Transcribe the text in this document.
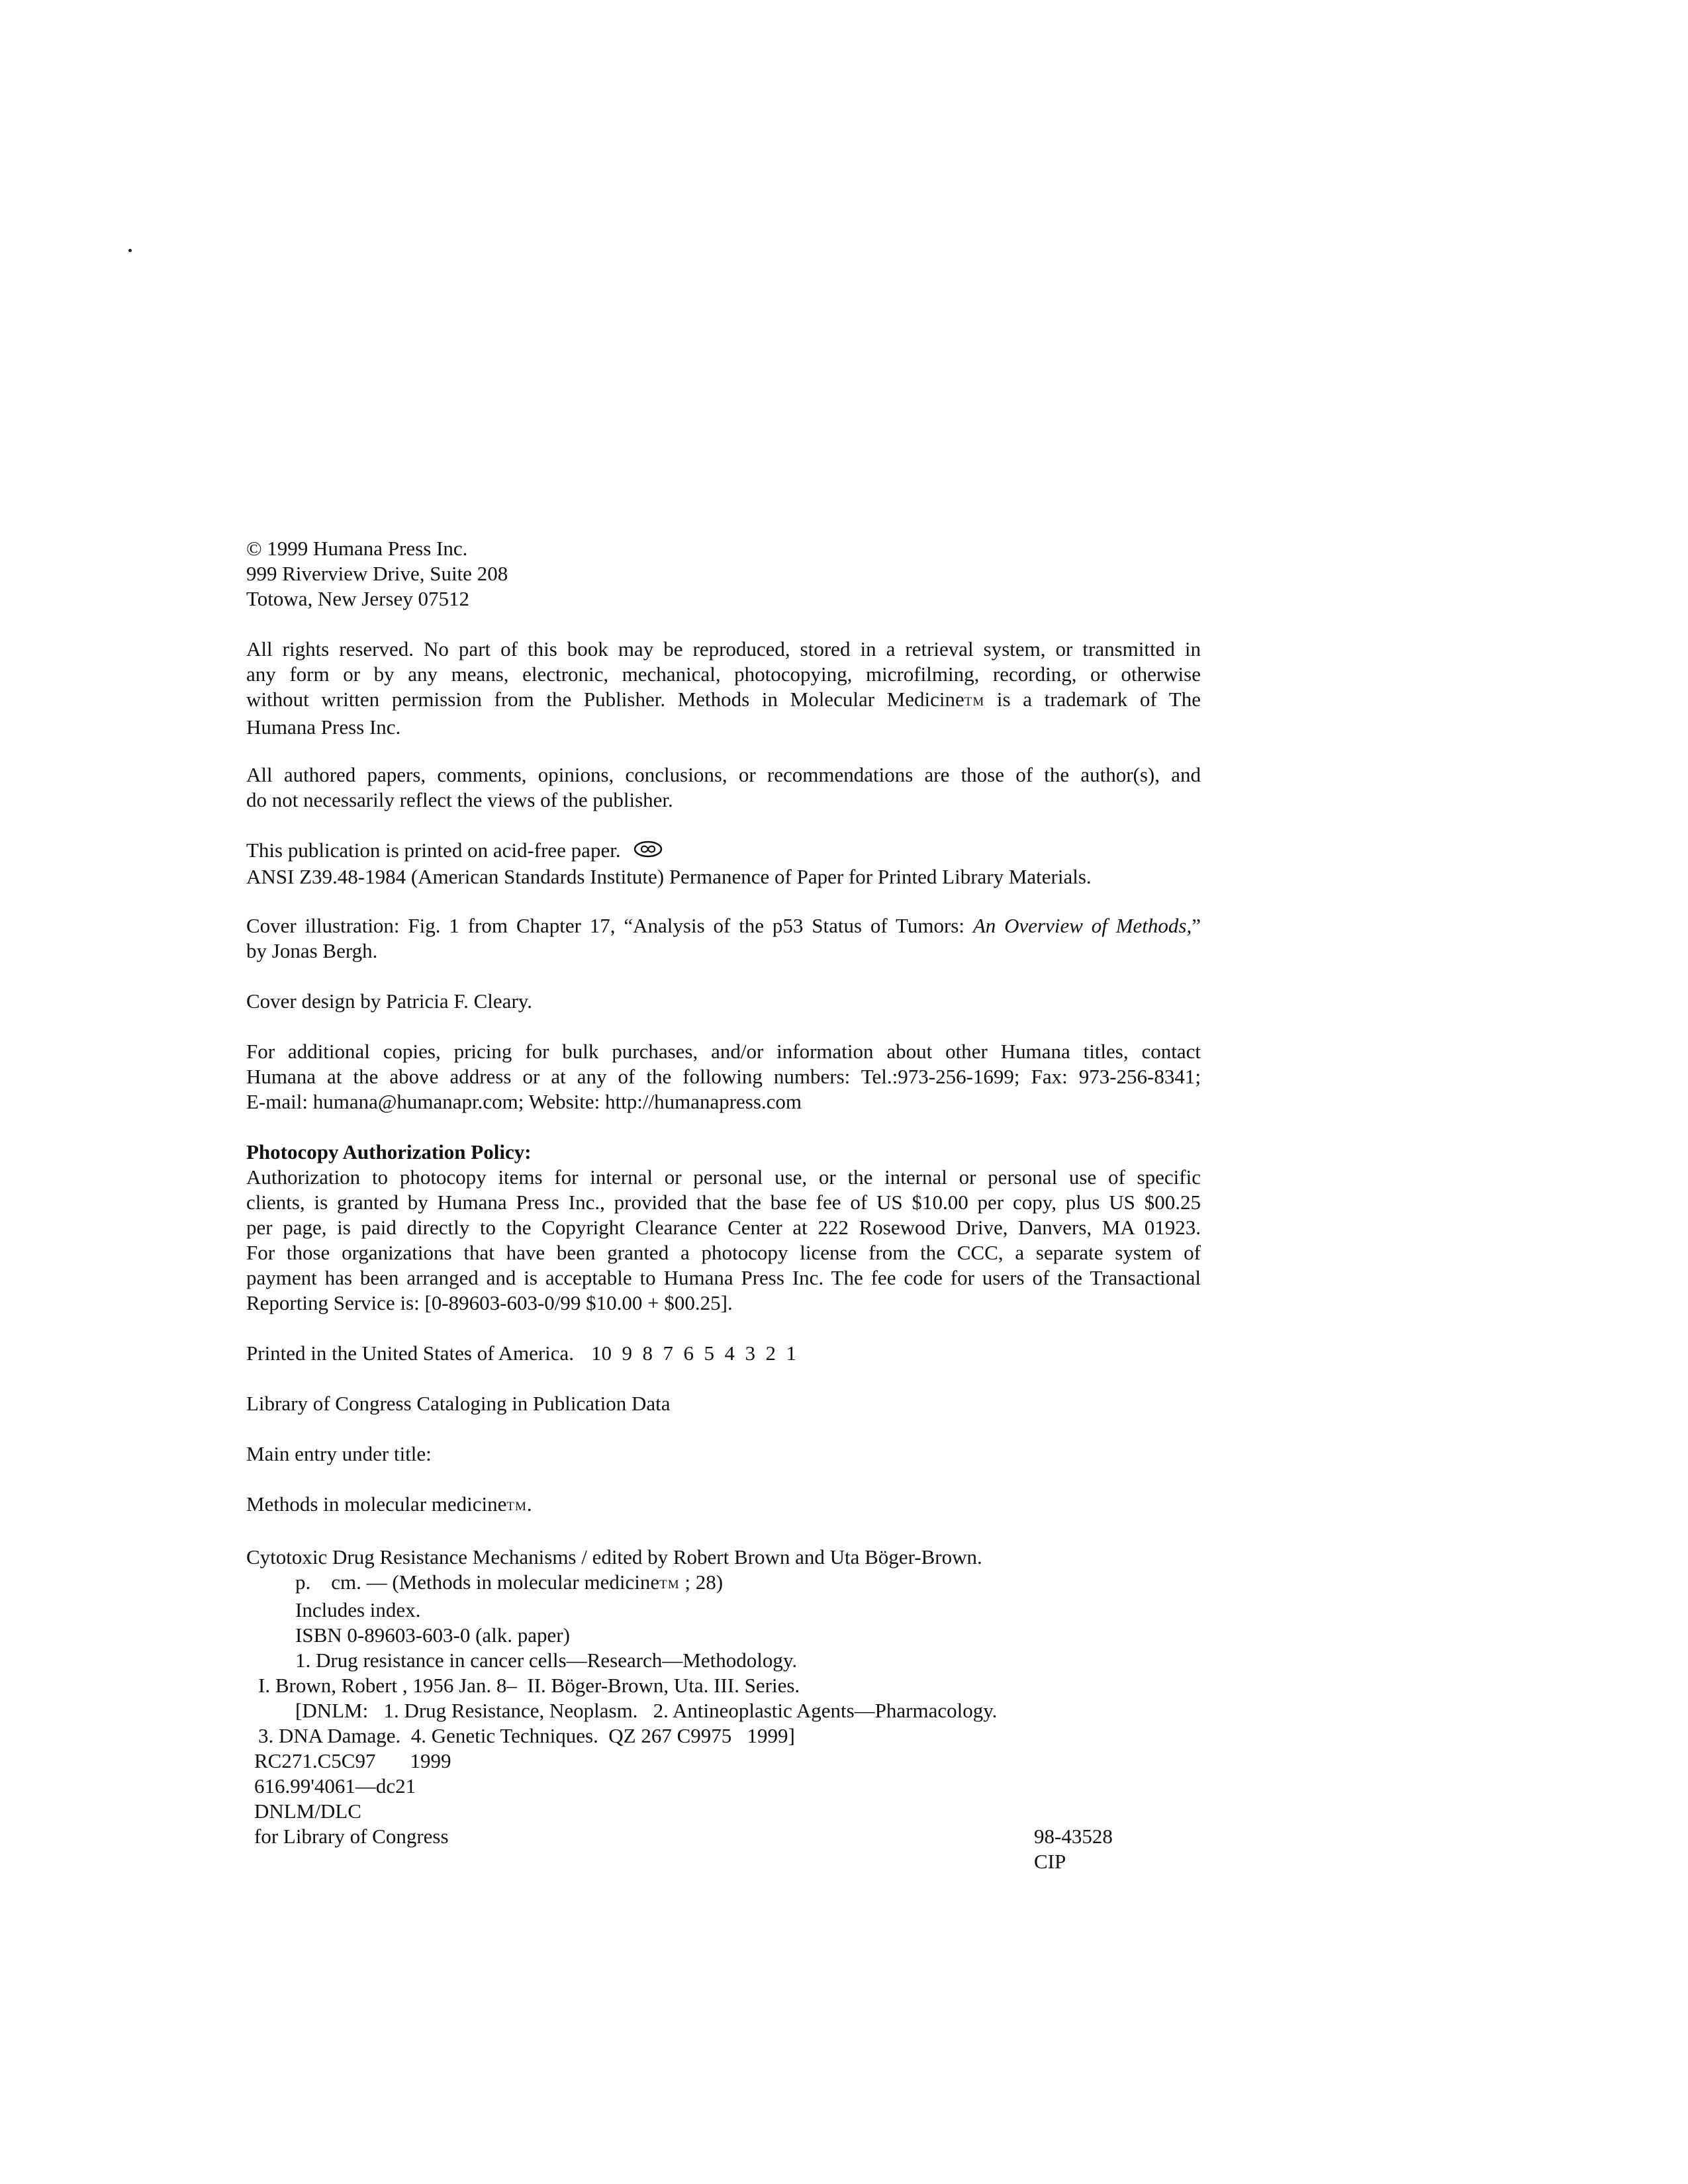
© 1999 Humana Press Inc.
999 Riverview Drive, Suite 208
Totowa, New Jersey 07512

All rights reserved. No part of this book may be reproduced, stored in a retrieval system, or transmitted in

any form or by any means, electronic, mechanical, photocopying, microfilming, recording, or otherwise

without written permission from the Publisher. Methods in Molecular MedicineTM is a trademark of The

Humana Press Inc.

All authored papers, comments, opinions, conclusions, or recommendations are those of the author(s), and

do not necessarily reflect the views of the publisher.

This publication is printed on acid-free paper.
ANSI Z39.48-1984 (American Standards Institute) Permanence of Paper for Printed Library Materials.

Cover illustration: Fig. 1 from Chapter 17, “Analysis of the p53 Status of Tumors: An Overview of Methods,”

by Jonas Bergh.

Cover design by Patricia F. Cleary.

For additional copies, pricing for bulk purchases, and/or information about other Humana titles, contact

Humana at the above address or at any of the following numbers: Tel.:973-256-1699; Fax: 973-256-8341;

E-mail: humana@humanapr.com; Website: http://humanapress.com

Photocopy Authorization Policy:

Authorization to photocopy items for internal or personal use, or the internal or personal use of specific

clients, is granted by Humana Press Inc., provided that the base fee of US $10.00 per copy, plus US $00.25

per page, is paid directly to the Copyright Clearance Center at 222 Rosewood Drive, Danvers, MA 01923.

For those organizations that have been granted a photocopy license from the CCC, a separate system of

payment has been arranged and is acceptable to Humana Press Inc. The fee code for users of the Transactional

Reporting Service is: [0-89603-603-0/99 $10.00 + $00.25].

Printed in the United States of America. 10  9  8  7  6  5  4  3  2  1
Library of Congress Cataloging in Publication Data
Main entry under title:
Methods in molecular medicineTM.
Cytotoxic Drug Resistance Mechanisms / edited by Robert Brown and Uta Böger-Brown.
p.    cm. — (Methods in molecular medicineTM ; 28)
Includes index.
ISBN 0-89603-603-0 (alk. paper)
1. Drug resistance in cancer cells—Research—Methodology.
I. Brown, Robert , 1956 Jan. 8–  II. Böger-Brown, Uta. III. Series.
[DNLM:   1. Drug Resistance, Neoplasm.   2. Antineoplastic Agents—Pharmacology.
3. DNA Damage.  4. Genetic Techniques.  QZ 267 C9975   1999]
RC271.C5C97 1999
616.99'4061—dc21
DNLM/DLC
for Library of Congress	98-43528
CIP
